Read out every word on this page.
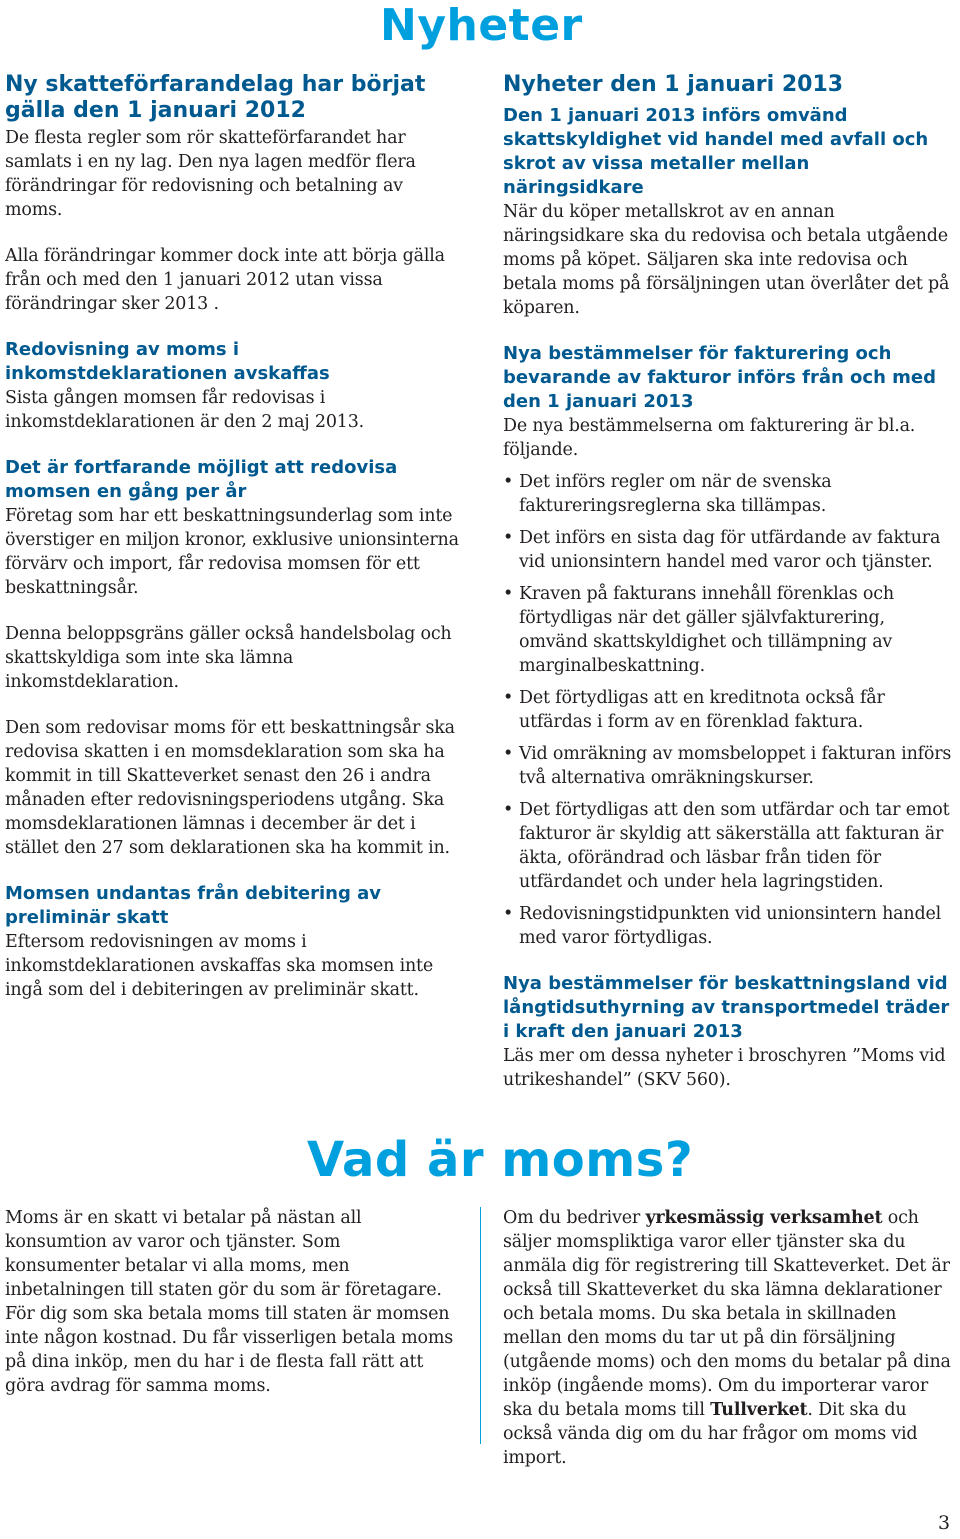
Nyheter
Ny skatteförfarandelag har börjat gälla den 1 januari 2012

De flesta regler som rör skatteförfarandet har samlats i en ny lag. Den nya lagen medför flera förändringar för redovisning och betalning av moms.

Alla förändringar kommer dock inte att börja gälla från och med den 1 januari 2012 utan vissa förändringar sker 2013 .

Redovisning av moms i inkomstdeklarationen avskaffas

Sista gången momsen får redovisas i inkomstdeklarationen är den 2 maj 2013.

Det är fortfarande möjligt att redovisa momsen en gång per år

Företag som har ett beskattningsunderlag som inte överstiger en miljon kronor, exklusive unionsinterna förvärv och import, får redovisa momsen för ett beskattningsår.

Denna beloppsgräns gäller också handelsbolag och skattskyldiga som inte ska lämna inkomstdeklaration.

Den som redovisar moms för ett beskattningsår ska redovisa skatten i en momsdeklaration som ska ha kommit in till Skatteverket senast den 26 i andra månaden efter redovisningsperiodens utgång. Ska momsdeklarationen lämnas i december är det i stället den 27 som deklarationen ska ha kommit in.

Momsen undantas från debitering av preliminär skatt

Eftersom redovisningen av moms i inkomstdeklarationen avskaffas ska momsen inte ingå som del i debiteringen av preliminär skatt.

Nyheter den 1 januari 2013
Den 1 januari 2013 införs omvänd skattskyldighet vid handel med avfall och skrot av vissa metaller mellan näringsidkare

När du köper metallskrot av en annan näringsidkare ska du redovisa och betala utgående moms på köpet. Säljaren ska inte redovisa och betala moms på försäljningen utan överlåter det på köparen.

Nya bestämmelser för fakturering och bevarande av fakturor införs från och med den 1 januari 2013

De nya bestämmelserna om fakturering är bl.a. följande.

• Det införs regler om när de svenska faktureringsreglerna ska tillämpas.
• Det införs en sista dag för utfärdande av faktura vid unionsintern handel med varor och tjänster.
• Kraven på fakturans innehåll förenklas och förtydligas när det gäller självfakturering, omvänd skattskyldighet och tillämpning av marginalbeskattning.
• Det förtydligas att en kreditnota också får utfärdas i form av en förenklad faktura.
• Vid omräkning av momsbeloppet i fakturan införs två alternativa omräkningskurser.
• Det förtydligas att den som utfärdar och tar emot fakturor är skyldig att säkerställa att fakturan är äkta, oförändrad och läsbar från tiden för utfärdandet och under hela lagringstiden.
• Redovisningstidpunkten vid unionsintern handel med varor förtydligas.
Nya bestämmelser för beskattningsland vid långtidsuthyrning av transportmedel träder i kraft den januari 2013

Läs mer om dessa nyheter i broschyren ”Moms vid utrikeshandel” (SKV 560).

Vad är moms?

Moms är en skatt vi betalar på nästan all konsumtion av varor och tjänster. Som konsumenter betalar vi alla moms, men inbetalningen till staten gör du som är företagare. För dig som ska betala moms till staten är momsen inte någon kostnad. Du får visserligen betala moms på dina inköp, men du har i de flesta fall rätt att göra avdrag för samma moms.

Om du bedriver yrkesmässig verksamhet och säljer momspliktiga varor eller tjänster ska du anmäla dig för registrering till Skatteverket. Det är också till Skatteverket du ska lämna deklarationer och betala moms. Du ska betala in skillnaden mellan den moms du tar ut på din försäljning (utgående moms) och den moms du betalar på dina inköp (ingående moms). Om du importerar varor ska du betala moms till Tullverket. Dit ska du också vända dig om du har frågor om moms vid import.

3
